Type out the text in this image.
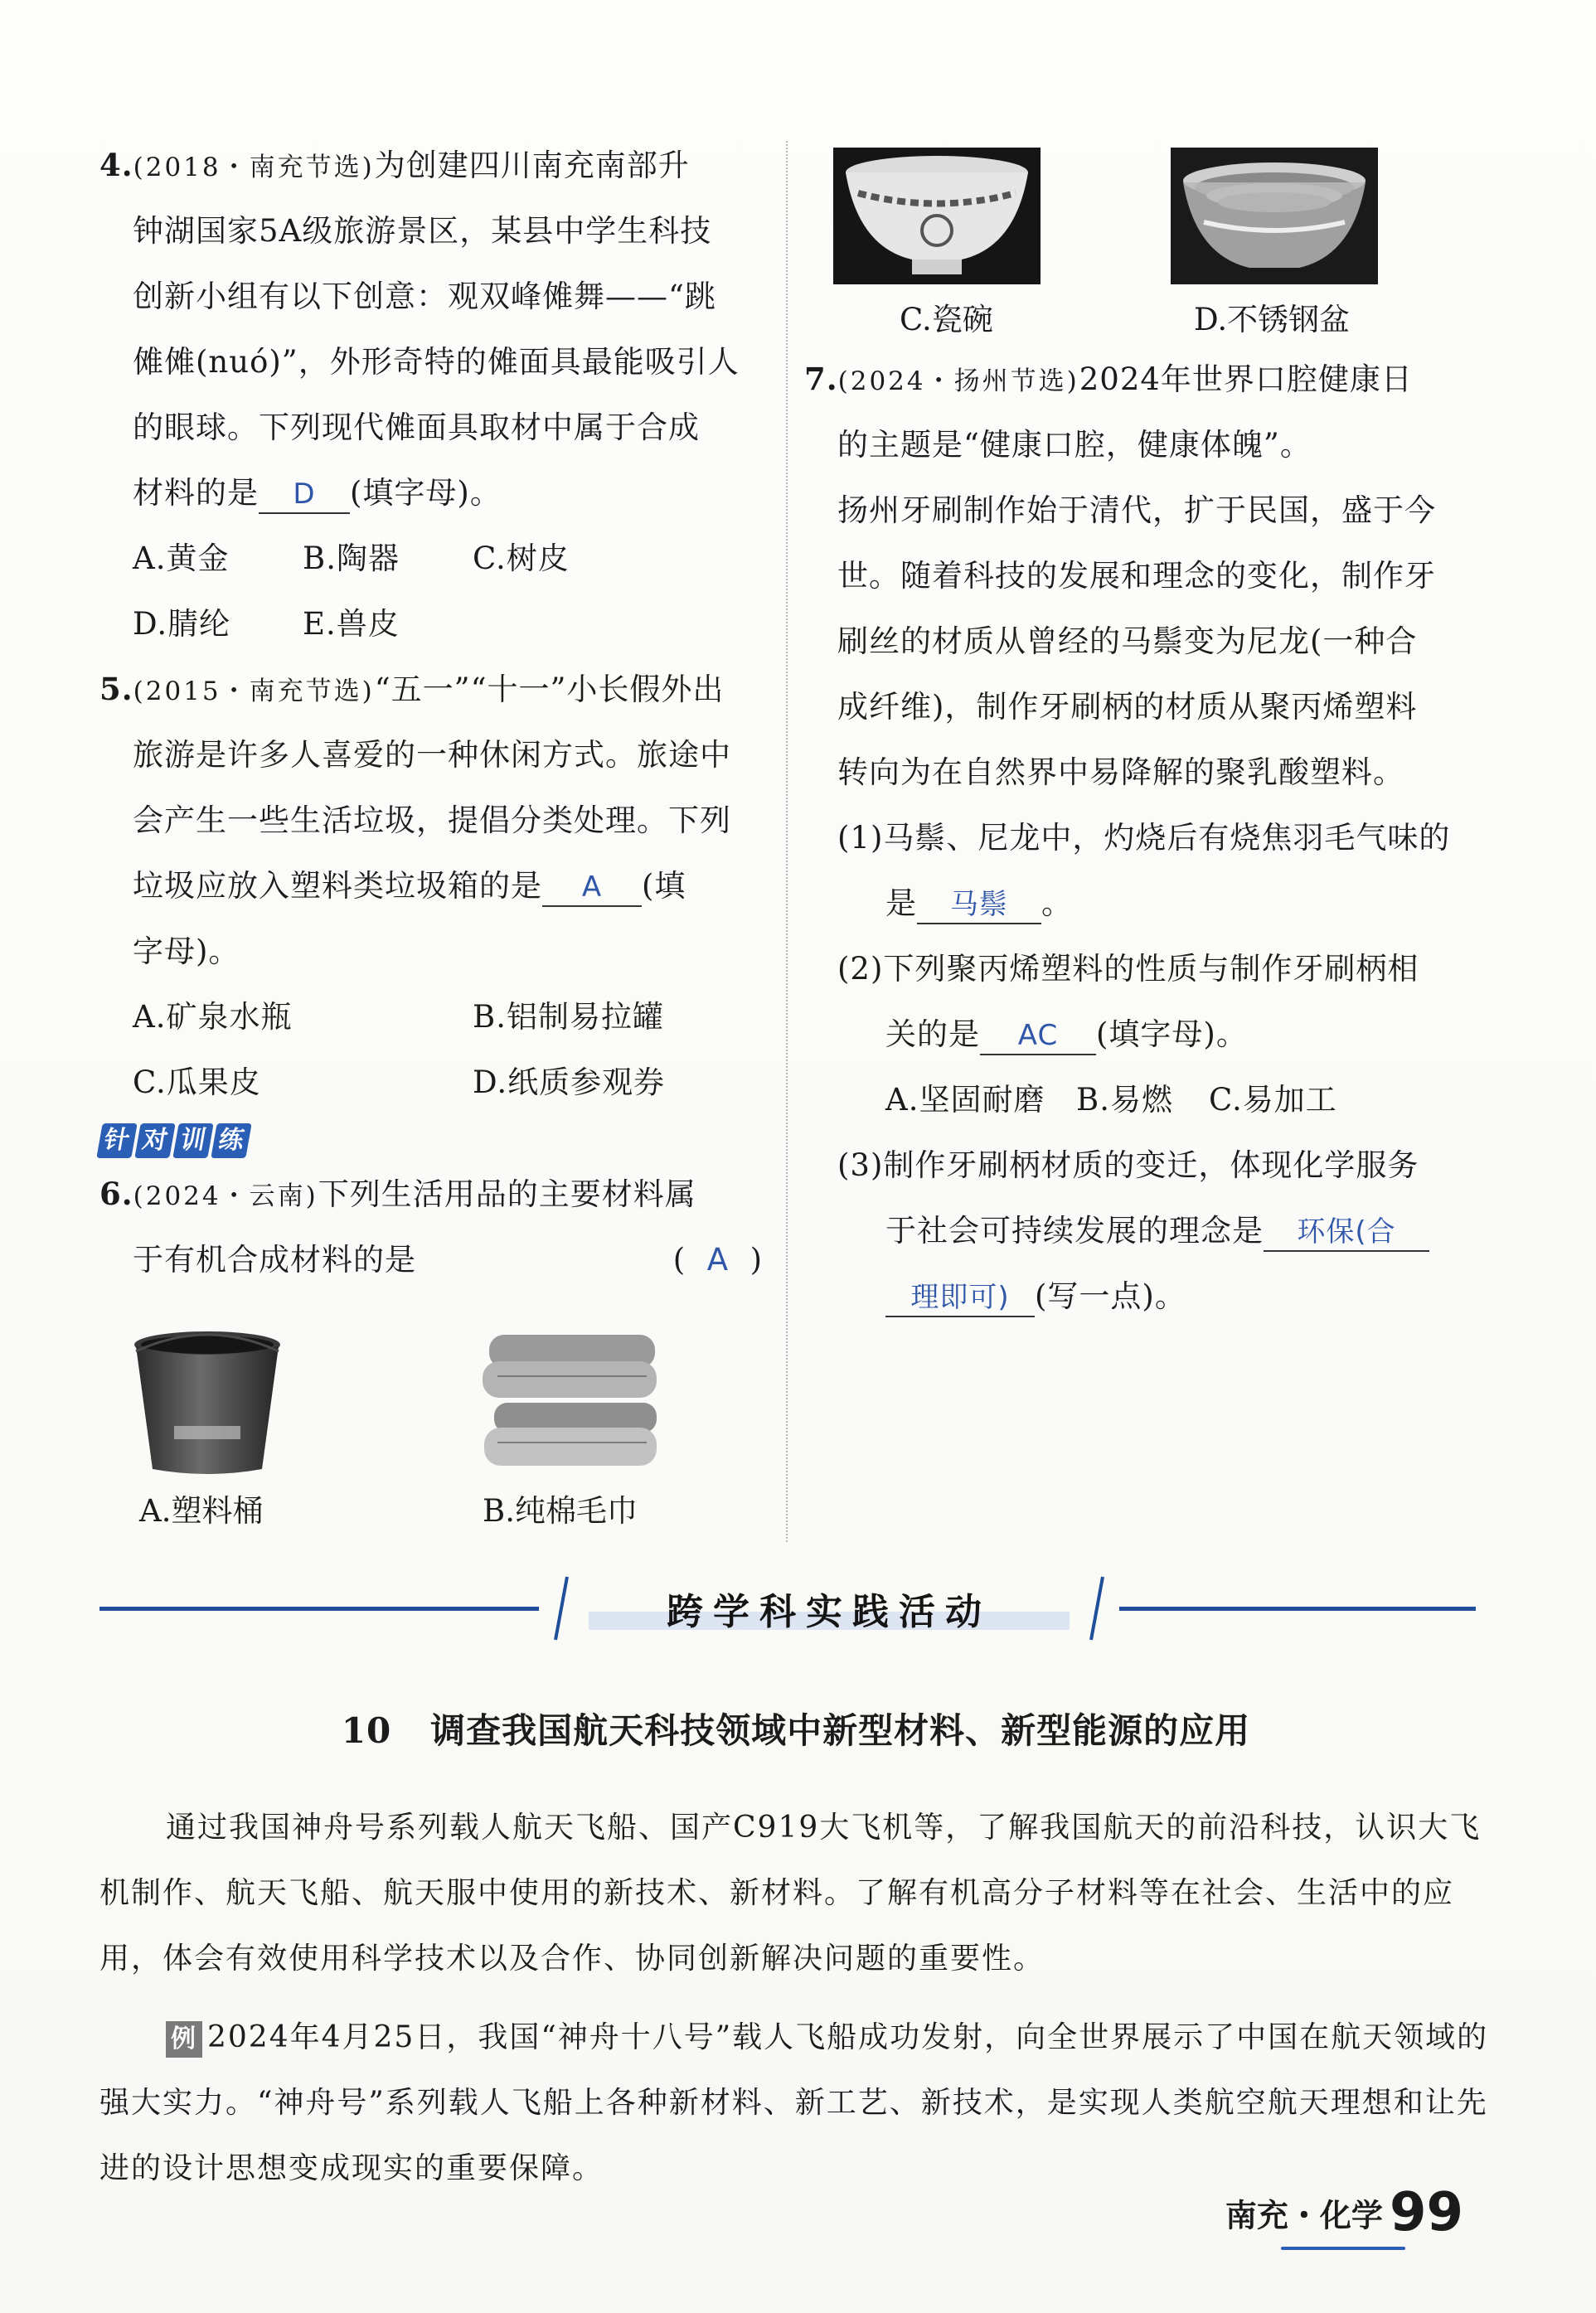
4.(2018・南充节选)为创建四川南充南部升
钟湖国家5A级旅游景区，某县中学生科技
创新小组有以下创意：观双峰傩舞——“跳
傩傩(nuó)”，外形奇特的傩面具最能吸引人
的眼球。下列现代傩面具取材中属于合成
材料的是 D (填字母)。
A.黄金 B.陶器 C.树皮
D.腈纶 E.兽皮
5.(2015・南充节选)“五一”“十一”小长假外出
旅游是许多人喜爱的一种休闲方式。旅途中
会产生一些生活垃圾，提倡分类处理。下列
垃圾应放入塑料类垃圾箱的是 A (填
字母)。
A.矿泉水瓶	B.铝制易拉罐
C.瓜果皮	D.纸质参观券
针 对 训 练
6.(2024・云南)下列生活用品的主要材料属
于有机合成材料的是	( A )
A.塑料桶	B.纯棉毛巾
C.瓷碗	D.不锈钢盆
7.(2024・扬州节选)2024年世界口腔健康日
的主题是“健康口腔，健康体魄”。
扬州牙刷制作始于清代，扩于民国，盛于今
世。随着科技的发展和理念的变化，制作牙
刷丝的材质从曾经的马鬃变为尼龙(一种合
成纤维)，制作牙刷柄的材质从聚丙烯塑料
转向为在自然界中易降解的聚乳酸塑料。
(1)马鬃、尼龙中，灼烧后有烧焦羽毛气味的
是 马鬃 。
(2)下列聚丙烯塑料的性质与制作牙刷柄相
关的是 AC (填字母)。
A.坚固耐磨 B.易燃 C.易加工
(3)制作牙刷柄材质的变迁，体现化学服务
于社会可持续发展的理念是 环保(合
理即可) (写一点)。
跨学科实践活动
10 调查我国航天科技领域中新型材料、新型能源的应用
通过我国神舟号系列载人航天飞船、国产C919大飞机等，了解我国航天的前沿科技，认识大飞机制作、航天飞船、航天服中使用的新技术、新材料。了解有机高分子材料等在社会、生活中的应用，体会有效使用科学技术以及合作、协同创新解决问题的重要性。
例 2024年4月25日，我国“神舟十八号”载人飞船成功发射，向全世界展示了中国在航天领域的强大实力。“神舟号”系列载人飞船上各种新材料、新工艺、新技术，是实现人类航空航天理想和让先进的设计思想变成现实的重要保障。
南充・化学 99
